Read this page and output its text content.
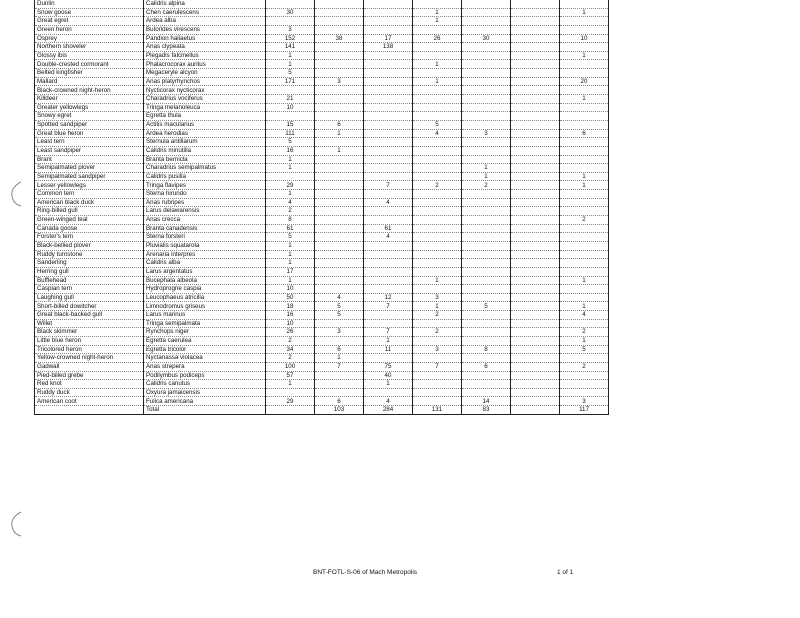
Dunlin	Calidris alpina							
Snow goose	Chen caerulescens	30			1			1
Great egret	Ardea alba				1			
Green heron	Butorides virescens	3						
Osprey	Pandion haliaetus	152	38	17	26	30		10
Northern shoveler	Anas clypeata	141		138				
Glossy ibis	Plegadis falcinellus	1						1
Double-crested cormorant	Phalacrocorax auritus	1			1			
Belted kingfisher	Megaceryle alcyon	5						
Mallard	Anas platyrhynchos	171	3		1			20
Black-crowned night-heron	Nycticorax nycticorax							
Killdeer	Charadrius vociferus	21						1
Greater yellowlegs	Tringa melanoleuca	10						
Snowy egret	Egretta thula							
Spotted sandpiper	Actitis macularius	15	6		5			
Great blue heron	Ardea herodias	111	1		4	3		6
Least tern	Sternula antillarum	5						
Least sandpiper	Calidris minutilla	16	1					
Brant	Branta bernicla	1						
Semipalmated plover	Charadrius semipalmatus	1				1		
Semipalmated sandpiper	Calidris pusilla					1		1
Lesser yellowlegs	Tringa flavipes	29		7	2	2		1
Common tern	Sterna hirundo	1						
American black duck	Anas rubripes	4		4				
Ring-billed gull	Larus delawarensis	2						
Green-winged teal	Anas crecca	8						2
Canada goose	Branta canadensis	61		61				
Forster's tern	Sterna forsteri	5		4				
Black-bellied plover	Pluvialis squatarola	1						
Ruddy turnstone	Arenaria interpres	1						
Sanderling	Calidris alba	1						
Herring gull	Larus argentatus	17						
Bufflehead	Bucephala albeola	1			1			1
Caspian tern	Hydroprogne caspia	10						
Laughing gull	Leucophaeus atricilla	50	4	12	3			
Short-billed dowitcher	Limnodromus griseus	18	5	7	1	5		1
Great black-backed gull	Larus marinus	16	5		2			4
Willet	Tringa semipalmata	10						
Black skimmer	Rynchops niger	26	3	7	2			2
Little blue heron	Egretta caerulea	2		1				1
Tricolored heron	Egretta tricolor	34	6	11	3	8		5
Yellow-crowned night-heron	Nyctanassa violacea	2	1					
Gadwall	Anas strepera	100	7	75	7	6		2
Pied-billed grebe	Podilymbus podiceps	57		40				
Red knot	Calidris canutus	1		1				
Ruddy duck	Oxyura jamaicensis							
American coot	Fulica americana	29	6	4		14		3
	Total		103	284	131	83		117
BNT-FOTL-S-06 of Mach Metropolis	1 of 1
